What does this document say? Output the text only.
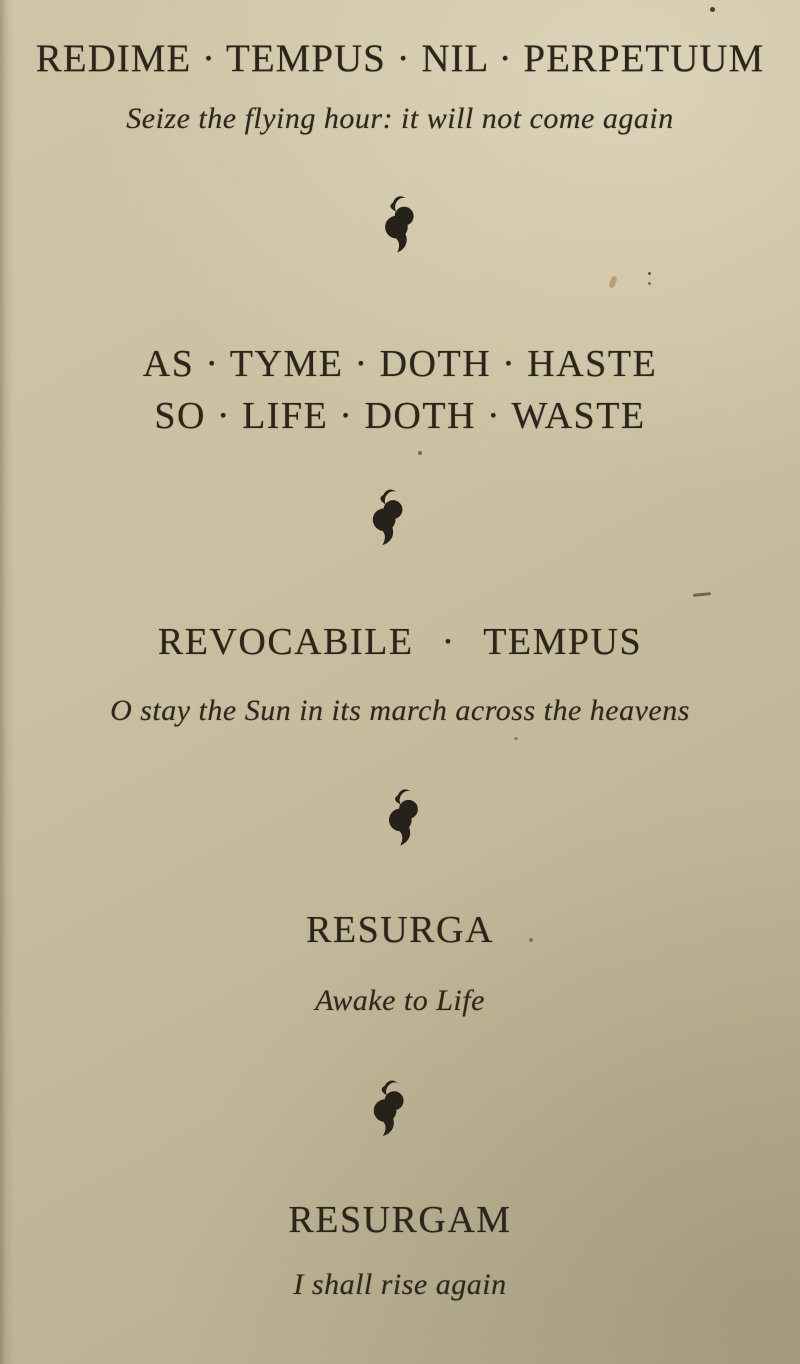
REDIME · TEMPUS · NIL · PERPETUUM
Seize the flying hour: it will not come again
AS · TYME · DOTH · HASTE
SO · LIFE · DOTH · WASTE
REVOCABILE · TEMPUS
O stay the Sun in its march across the heavens
RESURGA
Awake to Life
RESURGAM
I shall rise again
